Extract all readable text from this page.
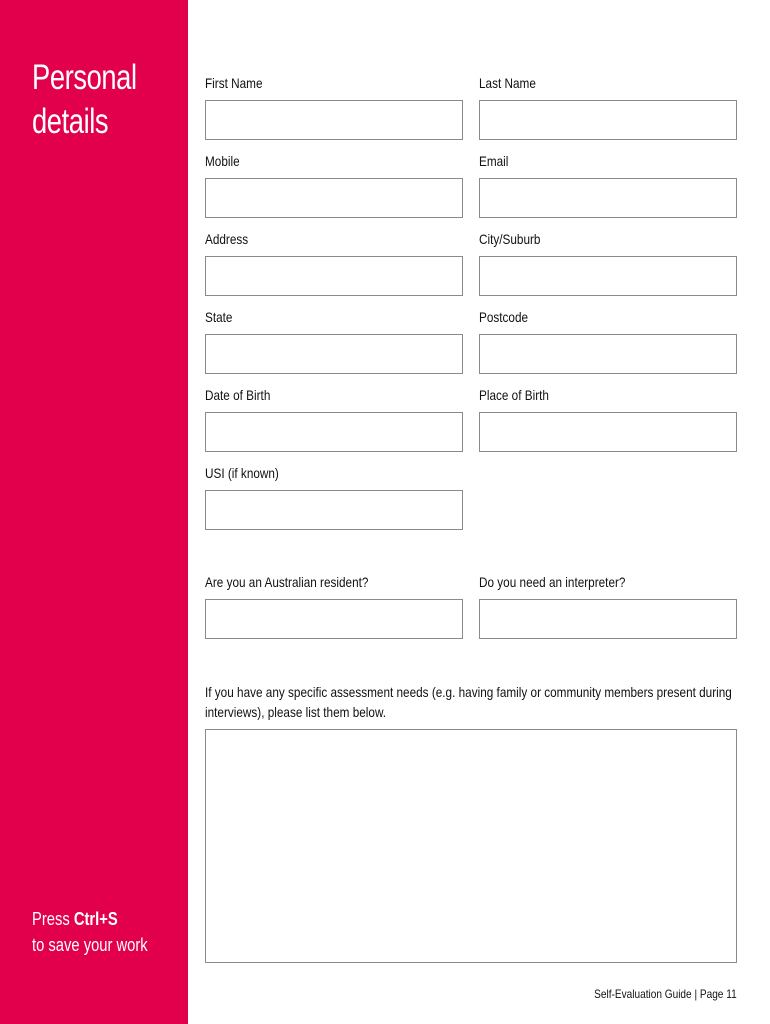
Personal
details
Press Ctrl+S
to save your work
First Name	Last Name
Mobile	Email
Address	City/Suburb
State	Postcode
Date of Birth	Place of Birth
USI (if known)
Are you an Australian resident?	Do you need an interpreter?
If you have any specific assessment needs (e.g. having family or community members present during interviews), please list them below.
Self-Evaluation Guide | Page 11
